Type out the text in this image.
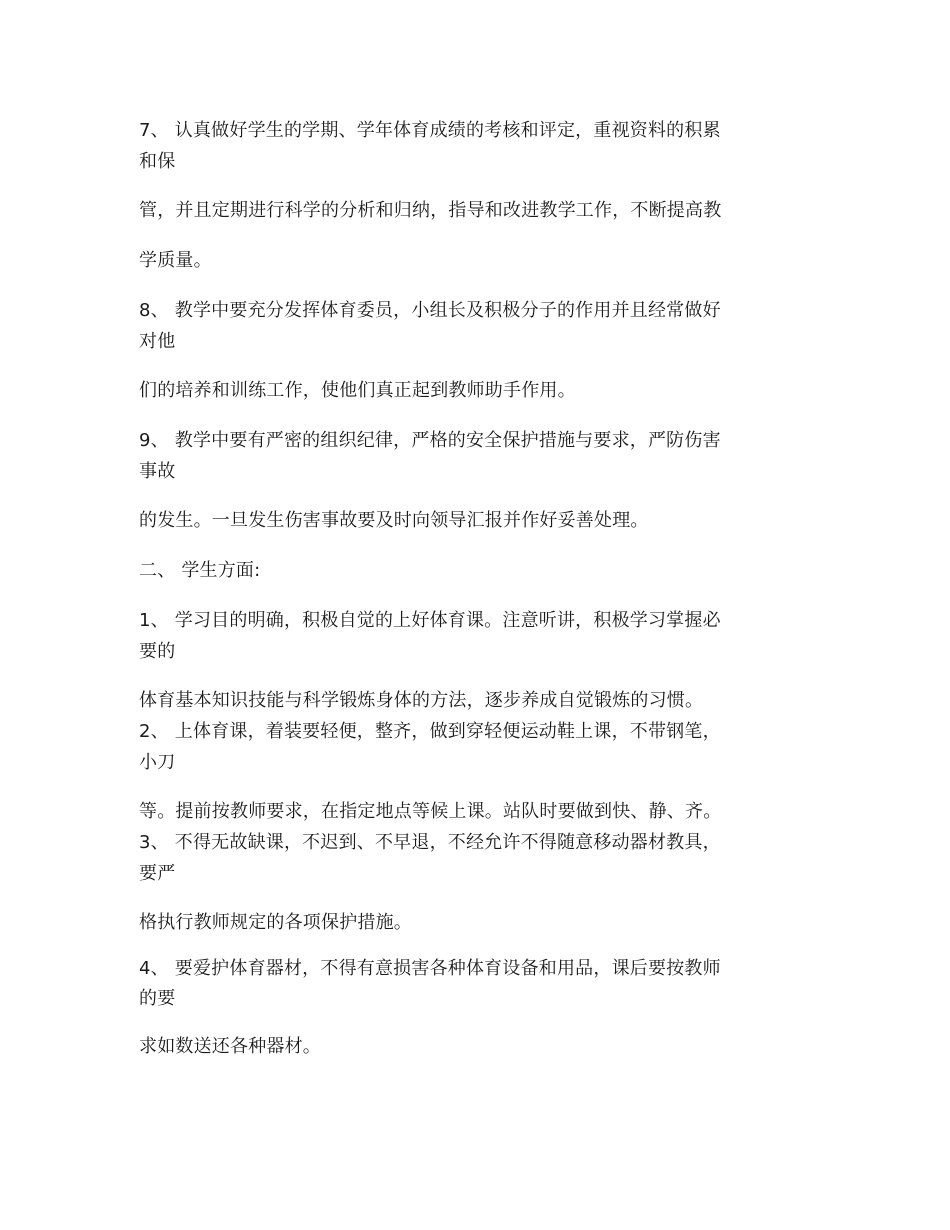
7、 认真做好学生的学期、学年体育成绩的考核和评定，重视资料的积累
和保
管，并且定期进行科学的分析和归纳，指导和改进教学工作，不断提高教
学质量。
8、 教学中要充分发挥体育委员，小组长及积极分子的作用并且经常做好
对他
们的培养和训练工作，使他们真正起到教师助手作用。
9、 教学中要有严密的组织纪律，严格的安全保护措施与要求，严防伤害
事故
的发生。一旦发生伤害事故要及时向领导汇报并作好妥善处理。
二、 学生方面:
1、 学习目的明确，积极自觉的上好体育课。注意听讲，积极学习掌握必
要的
体育基本知识技能与科学锻炼身体的方法，逐步养成自觉锻炼的习惯。
2、 上体育课，着装要轻便，整齐，做到穿轻便运动鞋上课，不带钢笔，
小刀
等。提前按教师要求，在指定地点等候上课。站队时要做到快、静、齐。
3、 不得无故缺课，不迟到、不早退，不经允许不得随意移动器材教具，
要严
格执行教师规定的各项保护措施。
4、 要爱护体育器材，不得有意损害各种体育设备和用品，课后要按教师
的要
求如数送还各种器材。
